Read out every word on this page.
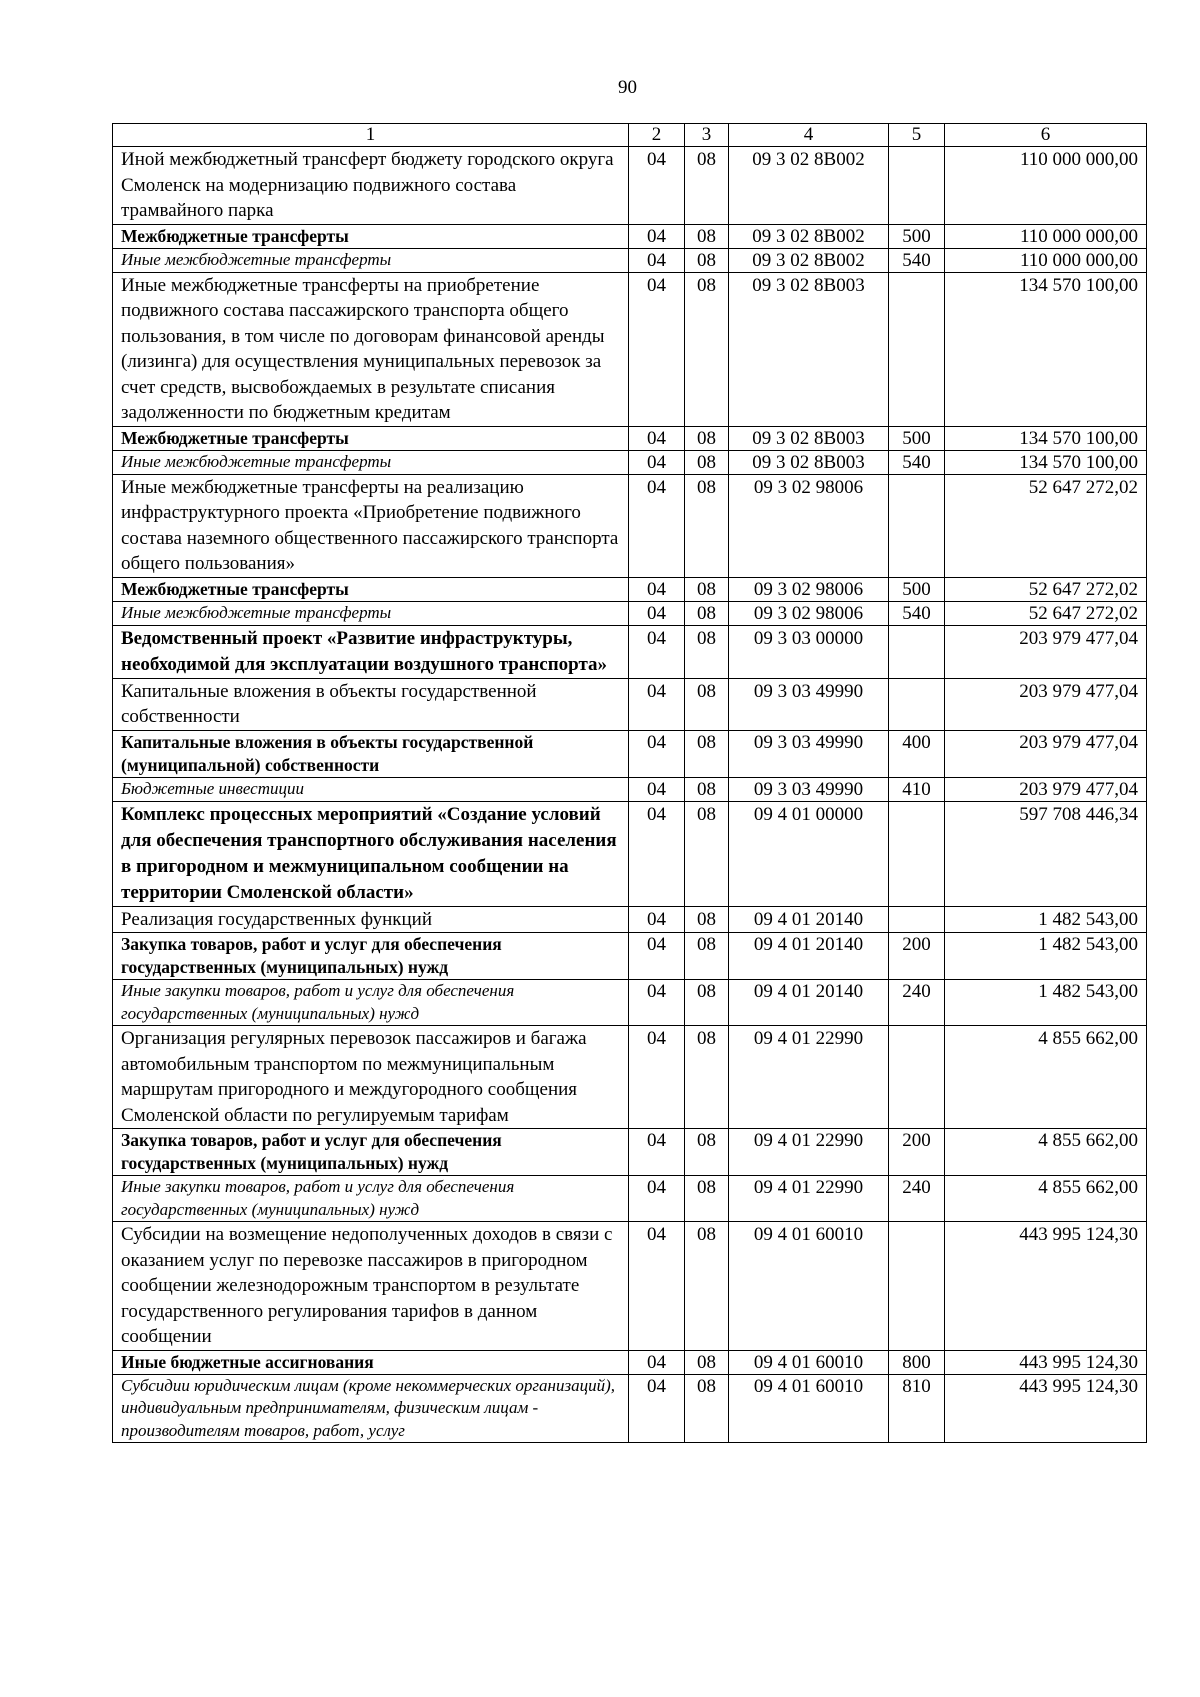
90
1	2	3	4	5	6
Иной межбюджетный трансферт бюджету городского округа Смоленск на модернизацию подвижного состава трамвайного парка	04	08	09 3 02 8B002		110 000 000,00
Межбюджетные трансферты	04	08	09 3 02 8B002	500	110 000 000,00
Иные межбюджетные трансферты	04	08	09 3 02 8B002	540	110 000 000,00
Иные межбюджетные трансферты на приобретение подвижного состава пассажирского транспорта общего пользования, в том числе по договорам финансовой аренды (лизинга) для осуществления муниципальных перевозок за счет средств, высвобождаемых в результате списания задолженности по бюджетным кредитам	04	08	09 3 02 8B003		134 570 100,00
Межбюджетные трансферты	04	08	09 3 02 8B003	500	134 570 100,00
Иные межбюджетные трансферты	04	08	09 3 02 8B003	540	134 570 100,00
Иные межбюджетные трансферты на реализацию инфраструктурного проекта «Приобретение подвижного состава наземного общественного пассажирского транспорта общего пользования»	04	08	09 3 02 98006		52 647 272,02
Межбюджетные трансферты	04	08	09 3 02 98006	500	52 647 272,02
Иные межбюджетные трансферты	04	08	09 3 02 98006	540	52 647 272,02
Ведомственный проект «Развитие инфраструктуры, необходимой для эксплуатации воздушного транспорта»	04	08	09 3 03 00000		203 979 477,04
Капитальные вложения в объекты государственной собственности	04	08	09 3 03 49990		203 979 477,04
Капитальные вложения в объекты государственной (муниципальной) собственности	04	08	09 3 03 49990	400	203 979 477,04
Бюджетные инвестиции	04	08	09 3 03 49990	410	203 979 477,04
Комплекс процессных мероприятий «Создание условий для обеспечения транспортного обслуживания населения в пригородном и межмуниципальном сообщении на территории Смоленской области»	04	08	09 4 01 00000		597 708 446,34
Реализация государственных функций	04	08	09 4 01 20140		1 482 543,00
Закупка товаров, работ и услуг для обеспечения государственных (муниципальных) нужд	04	08	09 4 01 20140	200	1 482 543,00
Иные закупки товаров, работ и услуг для обеспечения государственных (муниципальных) нужд	04	08	09 4 01 20140	240	1 482 543,00
Организация регулярных перевозок пассажиров и багажа автомобильным транспортом по межмуниципальным маршрутам пригородного и междугородного сообщения Смоленской области по регулируемым тарифам	04	08	09 4 01 22990		4 855 662,00
Закупка товаров, работ и услуг для обеспечения государственных (муниципальных) нужд	04	08	09 4 01 22990	200	4 855 662,00
Иные закупки товаров, работ и услуг для обеспечения государственных (муниципальных) нужд	04	08	09 4 01 22990	240	4 855 662,00
Субсидии на возмещение недополученных доходов в связи с оказанием услуг по перевозке пассажиров в пригородном сообщении железнодорожным транспортом в результате государственного регулирования тарифов в данном сообщении	04	08	09 4 01 60010		443 995 124,30
Иные бюджетные ассигнования	04	08	09 4 01 60010	800	443 995 124,30
Субсидии юридическим лицам (кроме некоммерческих организаций), индивидуальным предпринимателям, физическим лицам - производителям товаров, работ, услуг	04	08	09 4 01 60010	810	443 995 124,30
